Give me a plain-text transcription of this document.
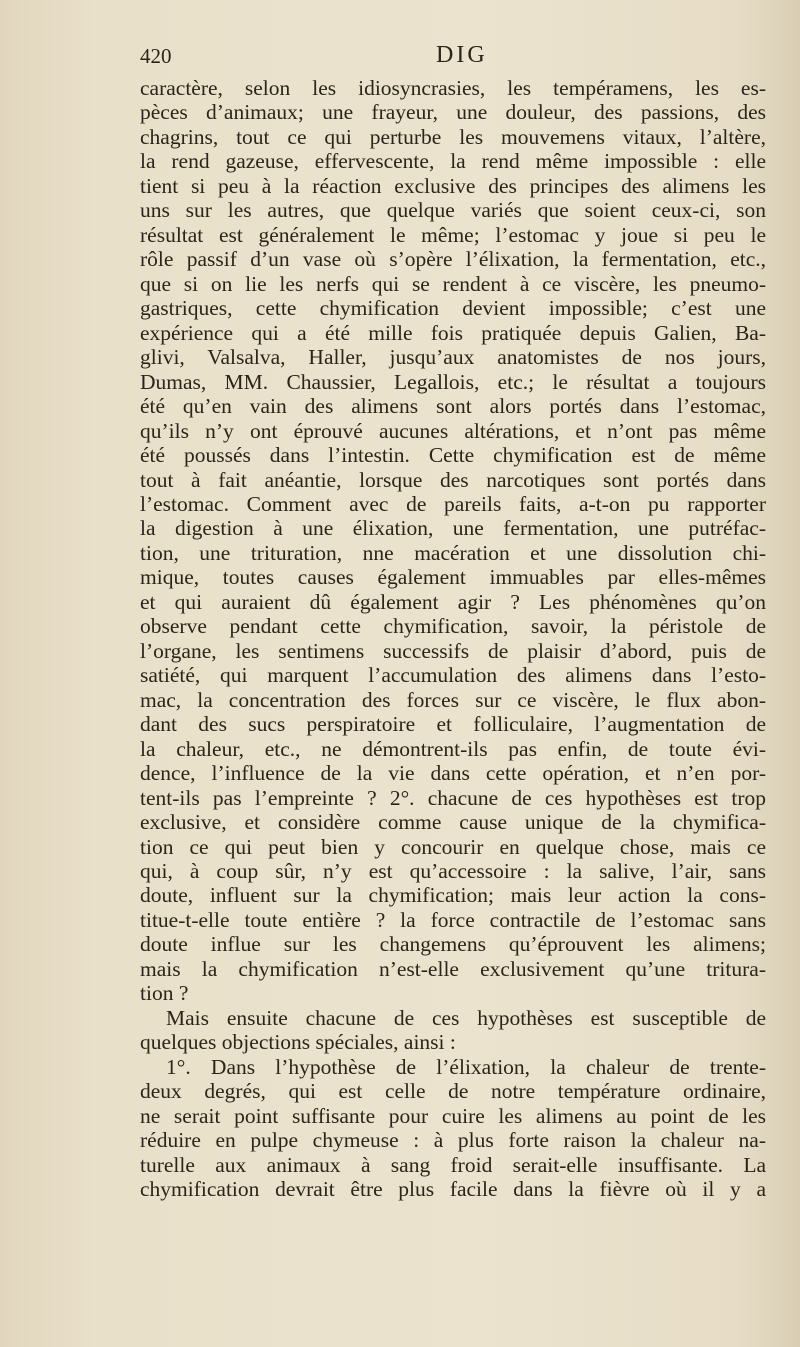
420	DIG
caractère, selon les idiosyncrasies, les tempéramens, les es-
pèces d’animaux; une frayeur, une douleur, des passions, des
chagrins, tout ce qui perturbe les mouvemens vitaux, l’altère,
la rend gazeuse, effervescente, la rend même impossible : elle
tient si peu à la réaction exclusive des principes des alimens les
uns sur les autres, que quelque variés que soient ceux-ci, son
résultat est généralement le même; l’estomac y joue si peu le
rôle passif d’un vase où s’opère l’élixation, la fermentation, etc.,
que si on lie les nerfs qui se rendent à ce viscère, les pneumo-
gastriques, cette chymification devient impossible; c’est une
expérience qui a été mille fois pratiquée depuis Galien, Ba-
glivi, Valsalva, Haller, jusqu’aux anatomistes de nos jours,
Dumas, MM. Chaussier, Legallois, etc.; le résultat a toujours
été qu’en vain des alimens sont alors portés dans l’estomac,
qu’ils n’y ont éprouvé aucunes altérations, et n’ont pas même
été poussés dans l’intestin. Cette chymification est de même
tout à fait anéantie, lorsque des narcotiques sont portés dans
l’estomac. Comment avec de pareils faits, a-t-on pu rapporter
la digestion à une élixation, une fermentation, une putréfac-
tion, une trituration, nne macération et une dissolution chi-
mique, toutes causes également immuables par elles-mêmes
et qui auraient dû également agir ? Les phénomènes qu’on
observe pendant cette chymification, savoir, la péristole de
l’organe, les sentimens successifs de plaisir d’abord, puis de
satiété, qui marquent l’accumulation des alimens dans l’esto-
mac, la concentration des forces sur ce viscère, le flux abon-
dant des sucs perspiratoire et folliculaire, l’augmentation de
la chaleur, etc., ne démontrent-ils pas enfin, de toute évi-
dence, l’influence de la vie dans cette opération, et n’en por-
tent-ils pas l’empreinte ? 2°. chacune de ces hypothèses est trop
exclusive, et considère comme cause unique de la chymifica-
tion ce qui peut bien y concourir en quelque chose, mais ce
qui, à coup sûr, n’y est qu’accessoire : la salive, l’air, sans
doute, influent sur la chymification; mais leur action la cons-
titue-t-elle toute entière ? la force contractile de l’estomac sans
doute influe sur les changemens qu’éprouvent les alimens;
mais la chymification n’est-elle exclusivement qu’une tritura-
tion ?
Mais ensuite chacune de ces hypothèses est susceptible de
quelques objections spéciales, ainsi :
1°. Dans l’hypothèse de l’élixation, la chaleur de trente-
deux degrés, qui est celle de notre température ordinaire,
ne serait point suffisante pour cuire les alimens au point de les
réduire en pulpe chymeuse : à plus forte raison la chaleur na-
turelle aux animaux à sang froid serait-elle insuffisante. La
chymification devrait être plus facile dans la fièvre où il y a
